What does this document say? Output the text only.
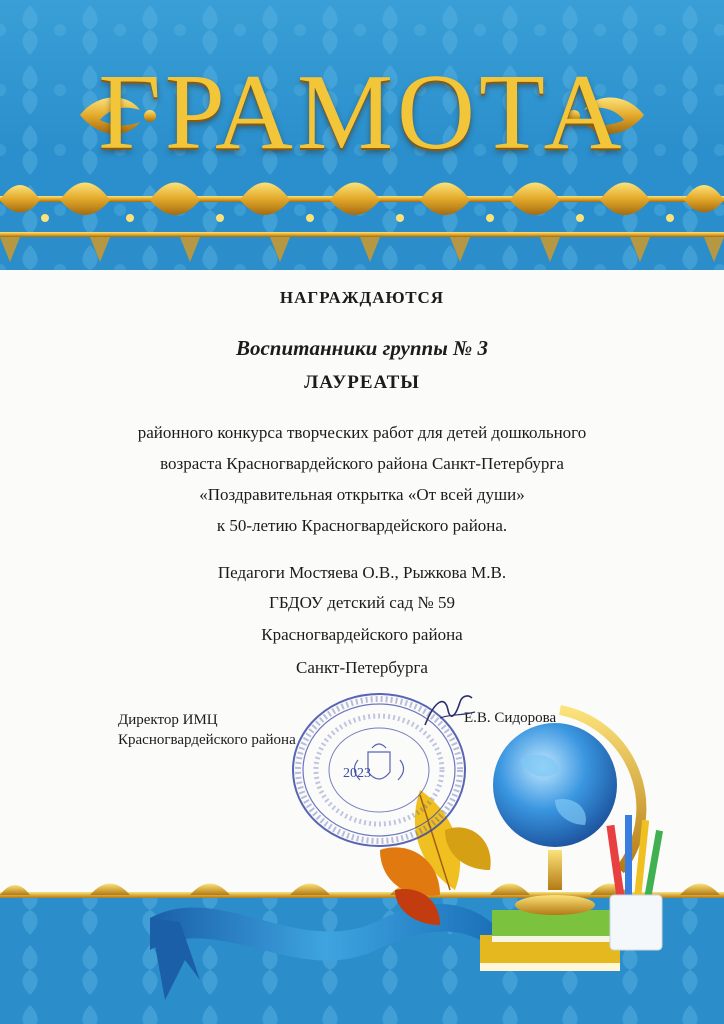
ГРАМОТА

НАГРАЖДАЮТСЯ

Воспитанники группы № 3

ЛАУРЕАТЫ

районного конкурса творческих работ для детей дошкольного

возраста Красногвардейского района Санкт-Петербурга

«Поздравительная открытка «От всей души»

к 50-летию Красногвардейского района.

Педагоги Мостяева О.В., Рыжкова М.В.

ГБДОУ детский сад № 59

Красногвардейского района

Санкт-Петербурга

Директор ИМЦ
Красногвардейского района
Е.В. Сидорова
2023
